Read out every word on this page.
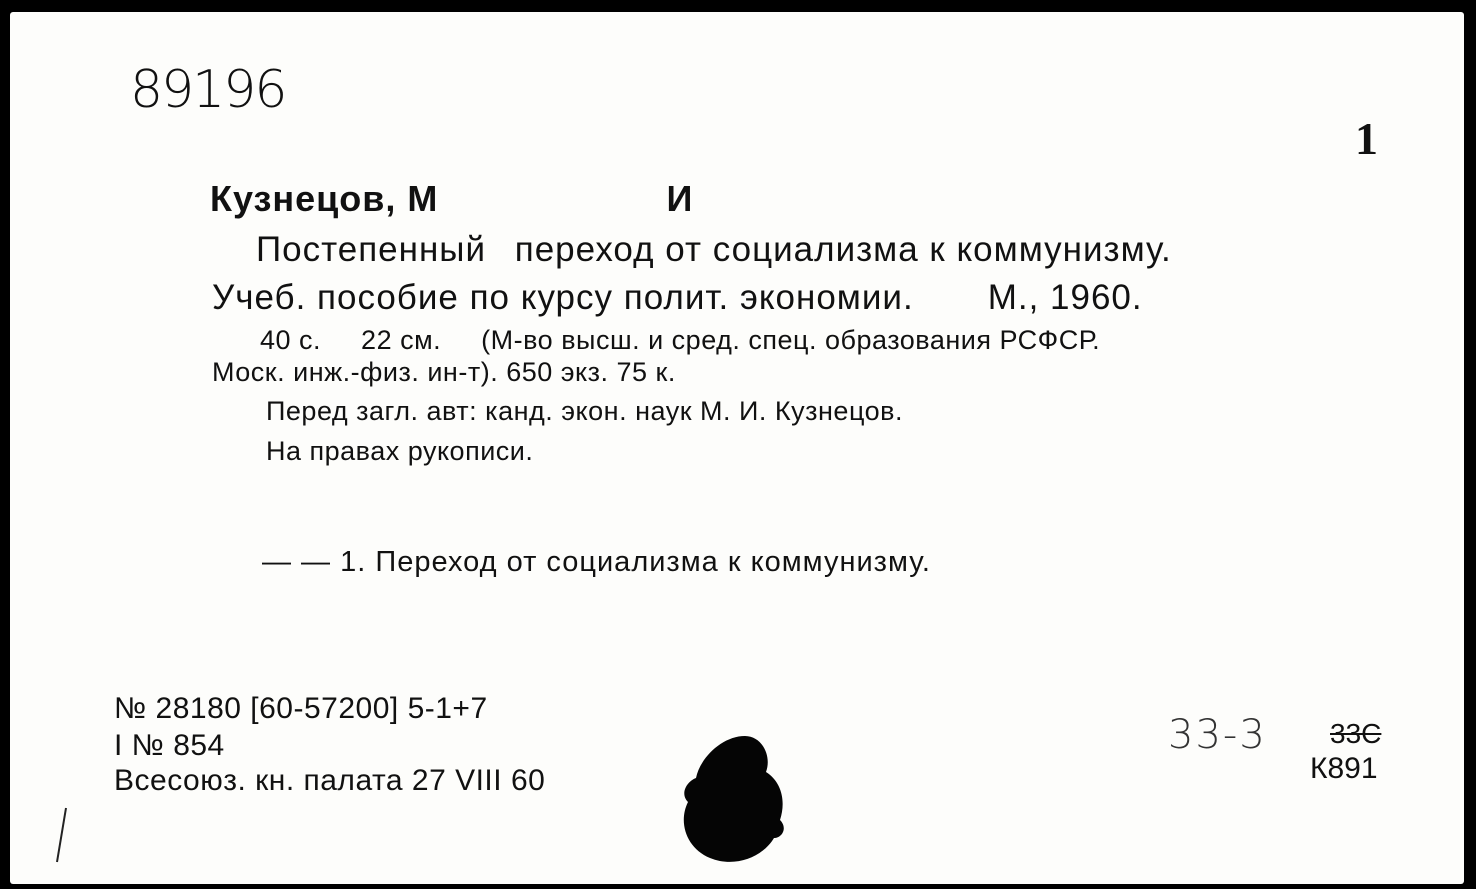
89196
1
Кузнецов, М	И
Постепенный переход от социализма к коммунизму.
Учеб. пособие по курсу полит. экономии. М., 1960.
40 с. 22 см. (М-во высш. и сред. спец. образования РСФСР.
Моск. инж.-физ. ин-т). 650 экз. 75 к.
Перед загл. авт: канд. экон. наук М. И. Кузнецов.
На правах рукописи.
— — 1. Переход от социализма к коммунизму.
№ 28180 [60-57200] 5-1+7
I № 854
Всесоюз. кн. палата 27 VIII 60
33-3 33С
К891
